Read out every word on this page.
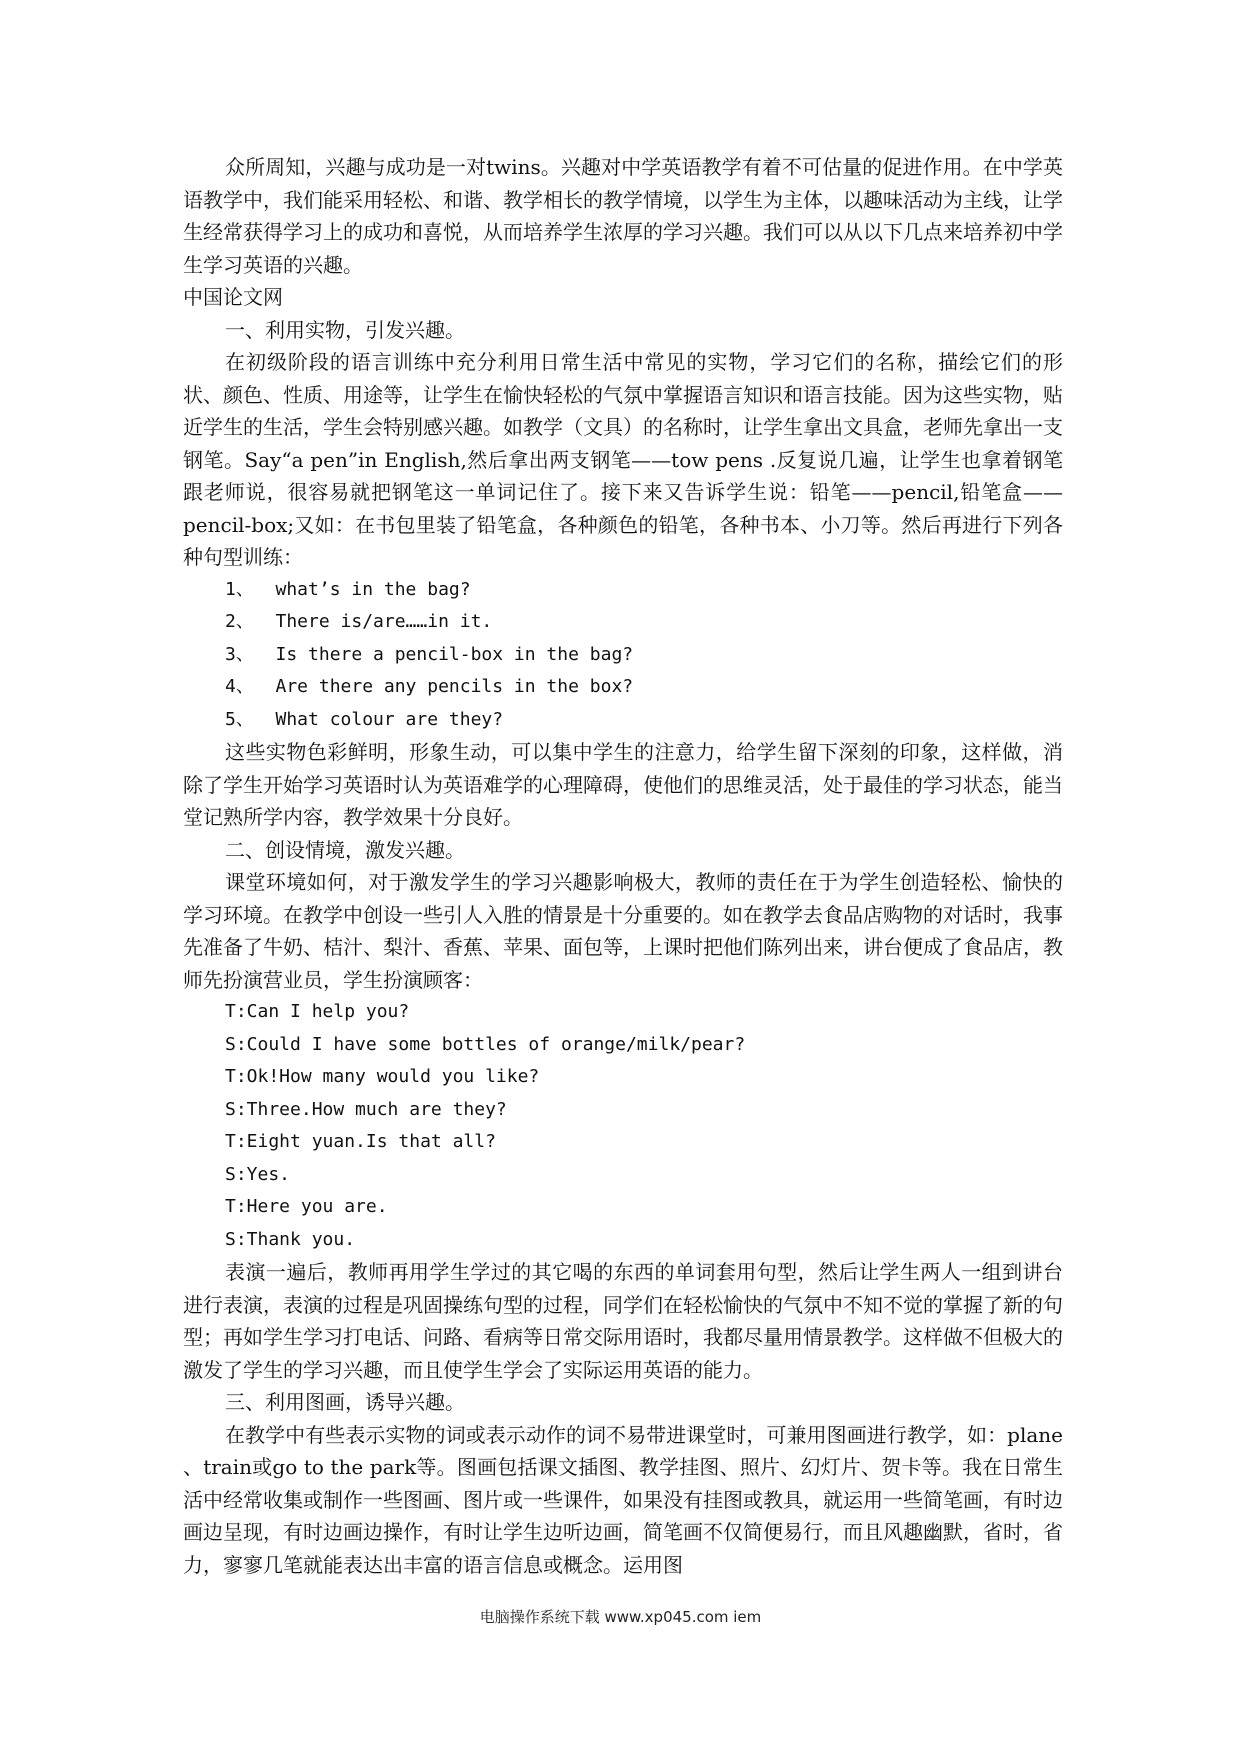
众所周知，兴趣与成功是一对twins。兴趣对中学英语教学有着不可估量的促进作用。在中学英语教学中，我们能采用轻松、和谐、教学相长的教学情境，以学生为主体，以趣味活动为主线，让学生经常获得学习上的成功和喜悦，从而培养学生浓厚的学习兴趣。我们可以从以下几点来培养初中学生学习英语的兴趣。

中国论文网

一、利用实物，引发兴趣。

在初级阶段的语言训练中充分利用日常生活中常见的实物，学习它们的名称，描绘它们的形状、颜色、性质、用途等，让学生在愉快轻松的气氛中掌握语言知识和语言技能。因为这些实物，贴近学生的生活，学生会特别感兴趣。如教学（文具）的名称时，让学生拿出文具盒，老师先拿出一支钢笔。Say“a pen”in English,然后拿出两支钢笔——tow pens .反复说几遍，让学生也拿着钢笔跟老师说，很容易就把钢笔这一单词记住了。接下来又告诉学生说：铅笔——pencil,铅笔盒——pencil-box;又如：在书包里装了铅笔盒，各种颜色的铅笔，各种书本、小刀等。然后再进行下列各种句型训练：

1、  what’s in the bag?

2、  There is/are……in it.

3、  Is there a pencil-box in the bag?

4、  Are there any pencils in the box?

5、  What colour are they?

这些实物色彩鲜明，形象生动，可以集中学生的注意力，给学生留下深刻的印象，这样做，消除了学生开始学习英语时认为英语难学的心理障碍，使他们的思维灵活，处于最佳的学习状态，能当堂记熟所学内容，教学效果十分良好。

二、创设情境，激发兴趣。

课堂环境如何，对于激发学生的学习兴趣影响极大，教师的责任在于为学生创造轻松、愉快的学习环境。在教学中创设一些引人入胜的情景是十分重要的。如在教学去食品店购物的对话时，我事先准备了牛奶、桔汁、梨汁、香蕉、苹果、面包等，上课时把他们陈列出来，讲台便成了食品店，教师先扮演营业员，学生扮演顾客：

T:Can I help you?

S:Could I have some bottles of orange/milk/pear?

T:Ok!How many would you like?

S:Three.How much are they?

T:Eight yuan.Is that all?

S:Yes.

T:Here you are.

S:Thank you.

表演一遍后，教师再用学生学过的其它喝的东西的单词套用句型，然后让学生两人一组到讲台进行表演，表演的过程是巩固操练句型的过程，同学们在轻松愉快的气氛中不知不觉的掌握了新的句型；再如学生学习打电话、问路、看病等日常交际用语时，我都尽量用情景教学。这样做不但极大的激发了学生的学习兴趣，而且使学生学会了实际运用英语的能力。

三、利用图画，诱导兴趣。

在教学中有些表示实物的词或表示动作的词不易带进课堂时，可兼用图画进行教学，如：plane 、train或go to the park等。图画包括课文插图、教学挂图、照片、幻灯片、贺卡等。我在日常生活中经常收集或制作一些图画、图片或一些课件，如果没有挂图或教具，就运用一些简笔画，有时边画边呈现，有时边画边操作，有时让学生边听边画，简笔画不仅简便易行，而且风趣幽默，省时，省力，寥寥几笔就能表达出丰富的语言信息或概念。运用图

电脑操作系统下载 www.xp045.com iem
